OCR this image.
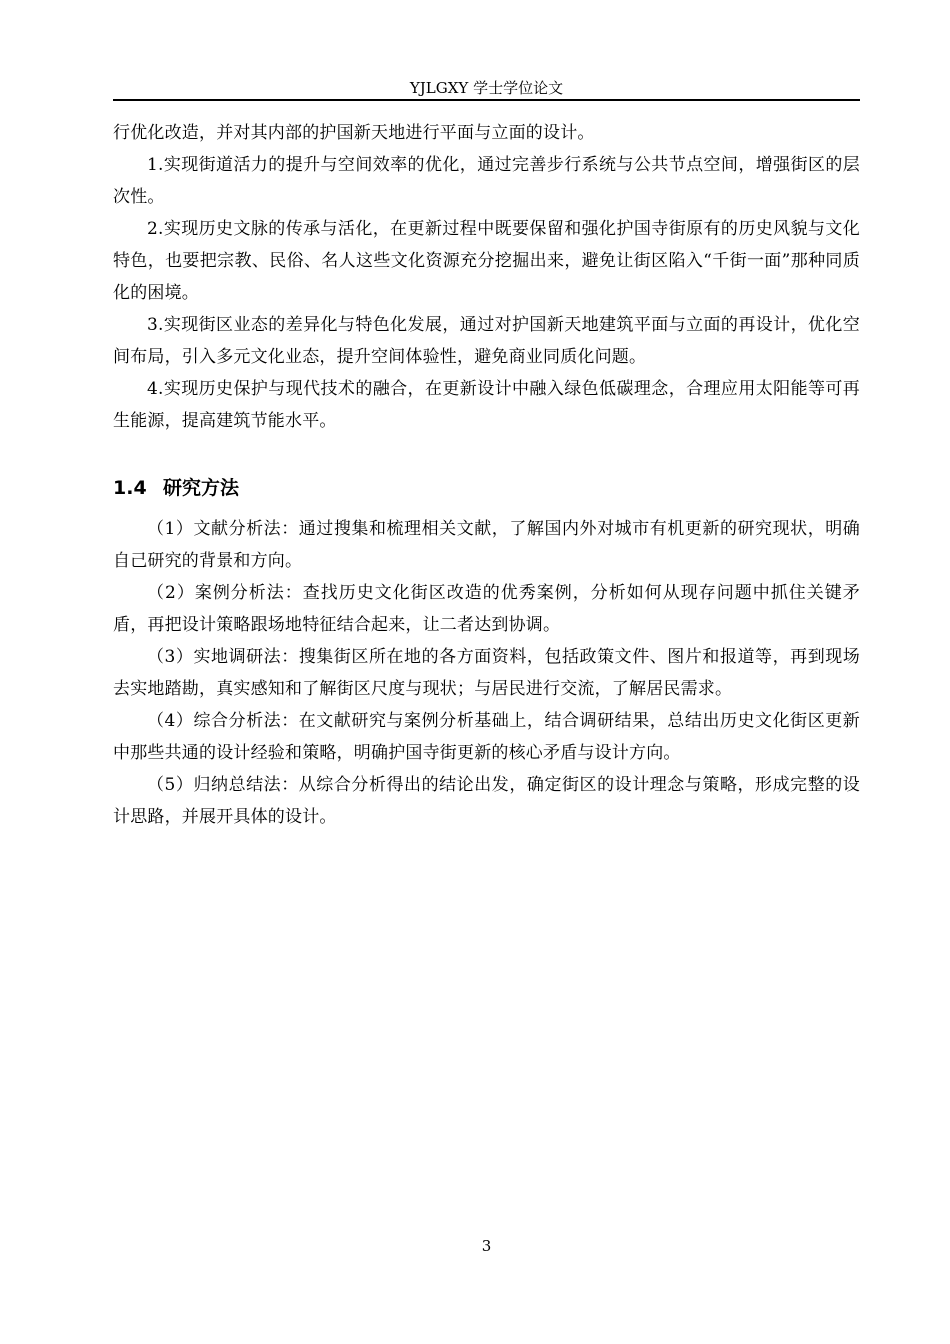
YJLGXY 学士学位论文

行优化改造，并对其内部的护国新天地进行平面与立面的设计。

1.实现街道活力的提升与空间效率的优化，通过完善步行系统与公共节点空间，增强街区的层次性。

2.实现历史文脉的传承与活化，在更新过程中既要保留和强化护国寺街原有的历史风貌与文化特色，也要把宗教、民俗、名人这些文化资源充分挖掘出来，避免让街区陷入“千街一面”那种同质化的困境。

3.实现街区业态的差异化与特色化发展，通过对护国新天地建筑平面与立面的再设计，优化空间布局，引入多元文化业态，提升空间体验性，避免商业同质化问题。

4.实现历史保护与现代技术的融合，在更新设计中融入绿色低碳理念，合理应用太阳能等可再生能源，提高建筑节能水平。

1.4 研究方法

（1）文献分析法：通过搜集和梳理相关文献，了解国内外对城市有机更新的研究现状，明确自己研究的背景和方向。

（2）案例分析法：查找历史文化街区改造的优秀案例，分析如何从现存问题中抓住关键矛盾，再把设计策略跟场地特征结合起来，让二者达到协调。

（3）实地调研法：搜集街区所在地的各方面资料，包括政策文件、图片和报道等，再到现场去实地踏勘，真实感知和了解街区尺度与现状；与居民进行交流，了解居民需求。

（4）综合分析法：在文献研究与案例分析基础上，结合调研结果，总结出历史文化街区更新中那些共通的设计经验和策略，明确护国寺街更新的核心矛盾与设计方向。

（5）归纳总结法：从综合分析得出的结论出发，确定街区的设计理念与策略，形成完整的设计思路，并展开具体的设计。

3
